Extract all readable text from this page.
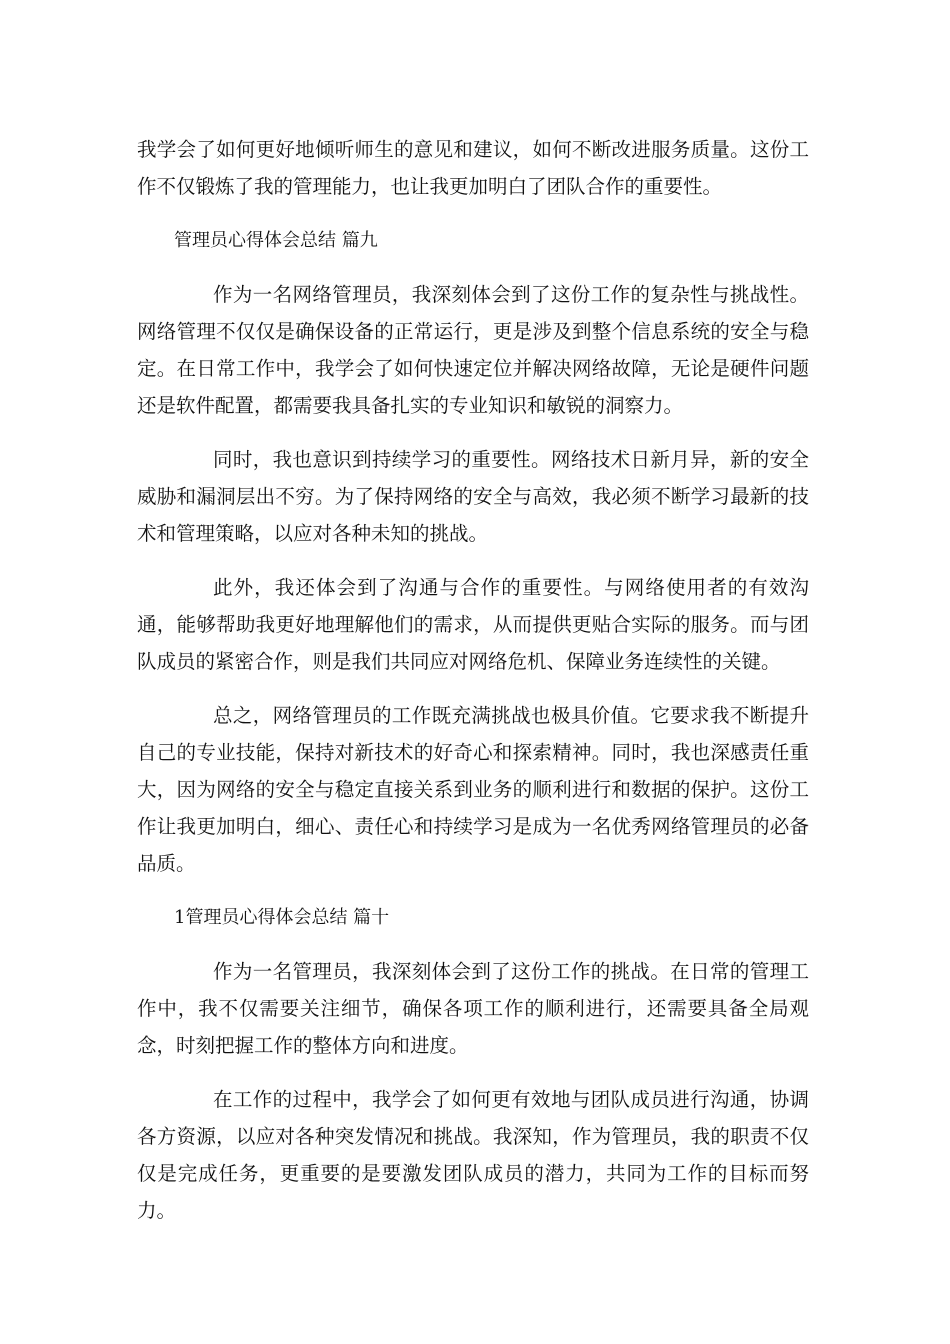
我学会了如何更好地倾听师生的意见和建议，如何不断改进服务质量。这份工作不仅锻炼了我的管理能力，也让我更加明白了团队合作的重要性。

管理员心得体会总结 篇九

作为一名网络管理员，我深刻体会到了这份工作的复杂性与挑战性。网络管理不仅仅是确保设备的正常运行，更是涉及到整个信息系统的安全与稳定。在日常工作中，我学会了如何快速定位并解决网络故障，无论是硬件问题还是软件配置，都需要我具备扎实的专业知识和敏锐的洞察力。

同时，我也意识到持续学习的重要性。网络技术日新月异，新的安全威胁和漏洞层出不穷。为了保持网络的安全与高效，我必须不断学习最新的技术和管理策略，以应对各种未知的挑战。

此外，我还体会到了沟通与合作的重要性。与网络使用者的有效沟通，能够帮助我更好地理解他们的需求，从而提供更贴合实际的服务。而与团队成员的紧密合作，则是我们共同应对网络危机、保障业务连续性的关键。

总之，网络管理员的工作既充满挑战也极具价值。它要求我不断提升自己的专业技能，保持对新技术的好奇心和探索精神。同时，我也深感责任重大，因为网络的安全与稳定直接关系到业务的顺利进行和数据的保护。这份工作让我更加明白，细心、责任心和持续学习是成为一名优秀网络管理员的必备品质。

1管理员心得体会总结 篇十

作为一名管理员，我深刻体会到了这份工作的挑战。在日常的管理工作中，我不仅需要关注细节，确保各项工作的顺利进行，还需要具备全局观念，时刻把握工作的整体方向和进度。

在工作的过程中，我学会了如何更有效地与团队成员进行沟通，协调各方资源，以应对各种突发情况和挑战。我深知，作为管理员，我的职责不仅仅是完成任务，更重要的是要激发团队成员的潜力，共同为工作的目标而努力。
